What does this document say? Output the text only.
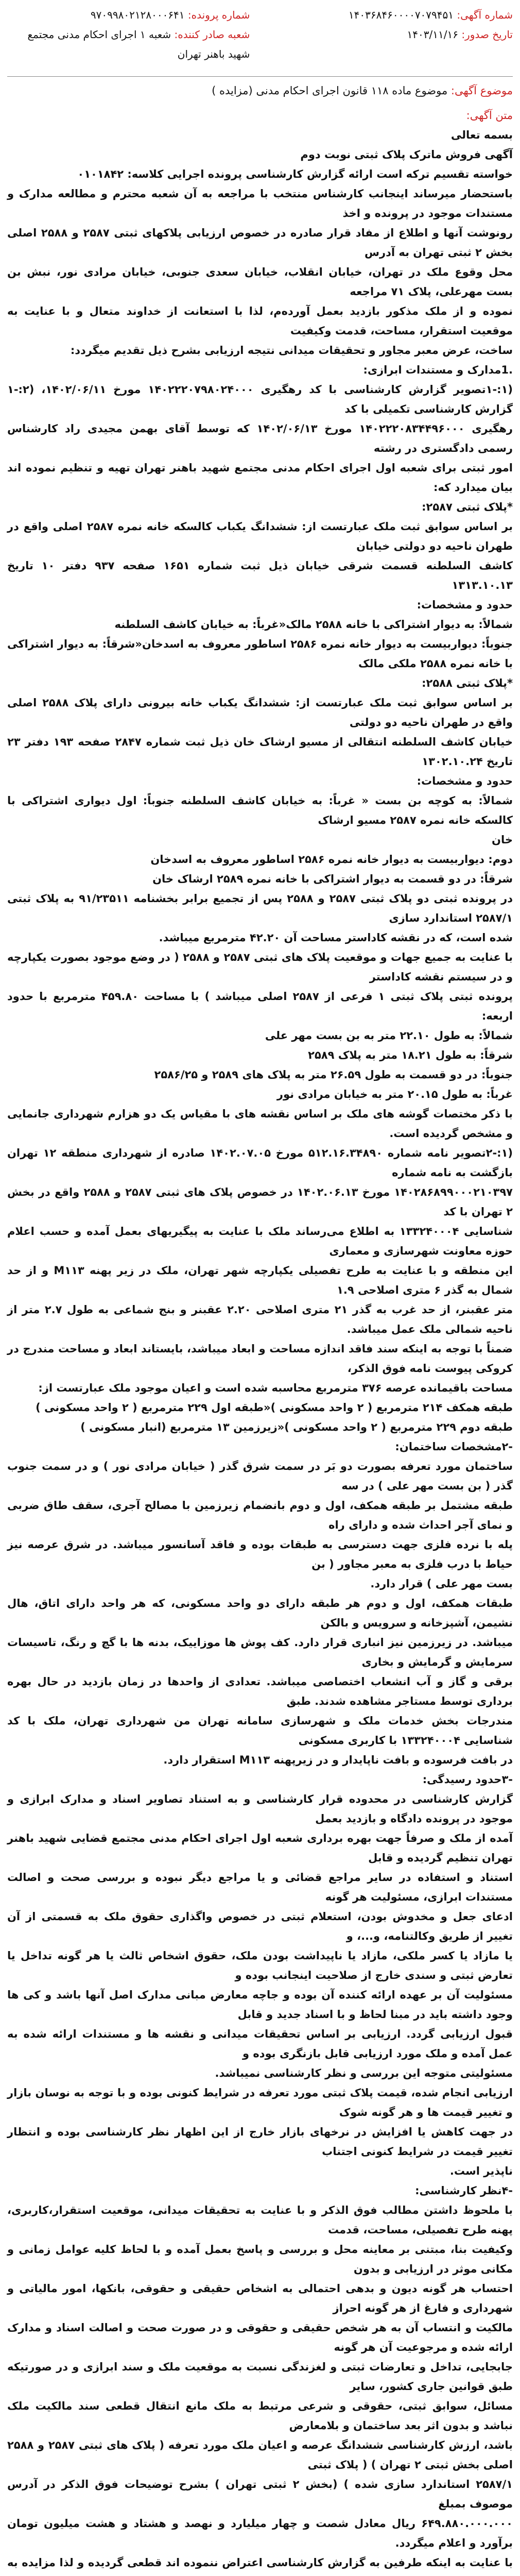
شماره آگهی: ۱۴۰۳۶۸۴۶۰۰۰۰۷۰۷۹۴۵۱
تاریخ صدور: ۱۴۰۳/۱۱/۱۶
شماره پرونده: ۹۷۰۹۹۸۰۲۱۲۸۰۰۰۶۴۱
شعبه صادر کننده: شعبه ۱ اجرای احکام مدنی مجتمع شهید باهنر تهران

موضوع آگهی: موضوع ماده ۱۱۸ قانون اجرای احکام مدنی (مزایده )

متن آگهی:

بسمه تعالی

آگهی فروش ماترک پلاک ثبتی نوبت دوم

خواسته تقسیم ترکه است ارائه گزارش کارشناسی پرونده اجرایی کلاسه: ۰۱۰۱۸۴۲

باستحضار میرساند اینجانب کارشناس منتخب با مراجعه به آن شعبه محترم و مطالعه مدارک و مستندات موجود در پرونده و اخذ

رونوشت آنها و اطلاع از مفاد قرار صادره در خصوص ارزیابی پلاکهای ثبتی ۲۵۸۷ و ۲۵۸۸ اصلی بخش ۲ ثبتی تهران به آدرس

محل وقوع ملک در تهران، خیابان انقلاب، خیابان سعدی جنوبی، خیابان مرادی نور، نبش بن بست مهرعلی، پلاک ۷۱ مراجعه

نموده و از ملک مذکور بازدید بعمل آورده‌م، لذا با استعانت از خداوند متعال و با عنایت به موقعیت استقرار، مساحت، قدمت وکیفیت

ساخت، عرض معبر مجاور و تحقیقات میدانی نتیجه ارزیابی بشرح ذیل تقدیم میگردد:

.1مدارک و مستندات ابرازی:

(۱:-۱تصویر گزارش کارشناسی با کد رهگیری ۱۴۰۲۲۲۰۷۹۸۰۲۴۰۰۰ مورخ ۱۴۰۲/۰۶/۱۱، (۲:-۱ گزارش کارشناسی تکمیلی با کد

رهگیری ۱۴۰۲۲۲۰۸۳۴۴۹۶۰۰۰ مورخ ۱۴۰۲/۰۶/۱۳ که توسط آقای بهمن مجیدی راد کارشناس رسمی دادگستری در رشته

امور ثبتی برای شعبه اول اجرای احکام مدنی مجتمع شهید باهنر تهران تهیه و تنظیم نموده اند بیان میدارد که:

*پلاک ثبتی ۲۵۸۷:

بر اساس سوابق ثبت ملک عبارتست از: ششدانگ یکباب کالسکه خانه نمره ۲۵۸۷ اصلی واقع در طهران ناحیه دو دولتی خیابان

کاشف السلطنه قسمت شرقی خیابان ذیل ثبت شماره ۱۶۵۱ صفحه ۹۳۷ دفتر ۱۰ تاریخ ۱۳۱۳.۱۰.۱۳

حدود و مشخصات:

شمالاً: به دیوار اشتراکی با خانه ۲۵۸۸ مالک«غرباً: به خیابان کاشف السلطنه

جنوباً: دیواربیست به دیوار خانه نمره ۲۵۸۶ اساطور معروف به اسدخان«شرقاً: به دیوار اشتراکی با خانه نمره ۲۵۸۸ ملکی مالک

*پلاک ثبتی ۲۵۸۸:

بر اساس سوابق ثبت ملک عبارتست از: ششدانگ یکباب خانه بیرونی دارای پلاک ۲۵۸۸ اصلی واقع در طهران ناحیه دو دولتی

خیابان کاشف السلطنه انتقالی از مسیو ارشاک خان ذیل ثبت شماره ۲۸۴۷ صفحه ۱۹۳ دفتر ۲۳ تاریخ ۱۳۰۲.۱۰.۲۴

حدود و مشخصات:

شمالاً: به کوچه بن بست « غرباً: به خیابان کاشف السلطنه جنوباً: اول دیواری اشتراکی با کالسکه خانه نمره ۲۵۸۷ مسیو ارشاک

خان

دوم: دیواربیست به دیوار خانه نمره ۲۵۸۶ اساطور معروف به اسدخان

شرقاً: در دو قسمت به دیوار اشتراکی با خانه نمره ۲۵۸۹ ارشاک خان

در پرونده ثبتی دو پلاک ثبتی ۲۵۸۷ و ۲۵۸۸ پس از تجمیع برابر بخشنامه ۹۱/۲۳۵۱۱ به پلاک ثبتی ۲۵۸۷/۱ استاندارد سازی

شده است، که در نقشه کاداستر مساحت آن ۴۲.۲۰ مترمربع میباشد.

با عنایت به جمیع جهات و موقعیت پلاک های ثبتی ۲۵۸۷ و ۲۵۸۸ ( در وضع موجود بصورت یکپارچه و در سیستم نقشه کاداستر

پرونده ثبتی پلاک ثبتی ۱ فرعی از ۲۵۸۷ اصلی میباشد ) با مساحت ۴۵۹.۸۰ مترمربع با حدود اربعه:

شمالاً: به طول ۲۲.۱۰ متر به بن بست مهر علی

شرقاً: به طول ۱۸.۲۱ متر به پلاک ۲۵۸۹

جنوباً: در دو قسمت به طول ۲۶.۵۹ متر به پلاک های ۲۵۸۹ و ۲۵۸۶/۲۵

غرباً: به طول ۲۰.۱۵ متر به خیابان مرادی نور

با ذکر مختصات گوشه های ملک بر اساس نقشه های با مقیاس یک دو هزارم شهرداری جانمایی و مشخص گردیده است.

(۱:-۲تصویر نامه شماره ۵۱۲.۱۶.۳۴۸۹۰ مورخ ۱۴۰۲.۰۷.۰۵ صادره از شهرداری منطقه ۱۲ تهران بازگشت به نامه شماره

۱۴۰۲۸۶۸۹۹۰۰۰۲۱۰۳۹۷ مورخ ۱۴۰۲.۰۶.۱۳ در خصوص پلاک های ثبتی ۲۵۸۷ و ۲۵۸۸ واقع در بخش ۲ تهران با کد

شناسایی ۱۳۳۲۴۰۰۰۴ به اطلاع می‌رساند ملک با عنایت به پیگیریهای بعمل آمده و حسب اعلام حوزه معاونت شهرسازی و معماری

این منطقه و با عنایت به طرح تفصیلی یکپارچه شهر تهران، ملک در زیر پهنه M۱۱۳ و از حد شمال به گذر ۶ متری اصلاحی ۱.۹

متر عقبنر، از حد غرب به گذر ۲۱ متری اصلاحی ۲.۲۰ عقبنر و بنج شماعی به طول ۲.۷ متر از ناحیه شمالی ملک عمل میباشد.

ضمناً با توجه به اینکه سند فاقد اندازه مساحت و ابعاد میباشد، بایستاند ابعاد و مساحت مندرج در کروکی پیوست نامه فوق الذکر،

مساحت باقیمانده عرصه ۳۷۶ مترمربع محاسبه شده است و اعیان موجود ملک عبارتست از:

طبقه همکف ۲۱۴ مترمربع ( ۲ واحد مسکونی )«طبقه اول ۲۲۹ مترمربع ( ۲ واحد مسکونی )

طبقه دوم ۲۲۹ مترمربع ( ۲ واحد مسکونی )«زیرزمین ۱۳ مترمربع (انبار مسکونی )

-۲مشخصات ساختمان:

ساختمان مورد تعرفه بصورت دو بَر در سمت شرق گذر ( خیابان مرادی نور ) و در سمت جنوب گذر ( بن بست مهر علی ) در سه

طبقه مشتمل بر طبقه همکف، اول و دوم بانضمام زیرزمین با مصالح آجری، سقف طاق ضربی و نمای آجر احداث شده و دارای راه

پله با نرده فلزی جهت دسترسی به طبقات بوده و فاقد آسانسور میباشد. در شرق عرصه نیز حیاط با درب فلزی به معبر مجاور ( بن

بست مهر علی ) قرار دارد.

طبقات همکف، اول و دوم هر طبقه دارای دو واحد مسکونی، که هر واحد دارای اتاق، هال نشیمن، آشپزخانه و سرویس و بالکن

میباشد. در زیرزمین نیز انباری قرار دارد. کف پوش ها موزاییک، بدنه ها با گچ و رنگ، تاسیسات سرمایش و گرمایش و بخاری

برقی و گاز و آب انشعاب اختصاصی میباشد. تعدادی از واحدها در زمان بازدید در حال بهره برداری توسط مستاجر مشاهده شدند. طبق

مندرجات بخش خدمات ملک و شهرسازی سامانه تهران من شهرداری تهران، ملک با کد شناسایی ۱۳۳۲۴۰۰۰۴ با کاربری مسکونی

در بافت فرسوده و بافت ناپایدار و در زیرپهنه M۱۱۳ استقرار دارد.

-۳حدود رسیدگی:

گزارش کارشناسی در محدوده قرار کارشناسی و به استناد تصاویر اسناد و مدارک ابرازی و موجود در پرونده دادگاه و بازدید بعمل

آمده از ملک و صرفاً جهت بهره برداری شعبه اول اجرای احکام مدنی مجتمع قضایی شهید باهنر تهران تنظیم گردیده و قابل

استناد و استفاده در سایر مراجع قضائی و یا مراجع دیگر نبوده و بررسی صحت و اصالت مستندات ابرازی، مسئولیت هر گونه

ادعای جعل و مخدوش بودن، استعلام ثبتی در خصوص واگذاری حقوق ملک به قسمتی از آن تغییر از طریق وکالتنامه، و...، و

یا مازاد یا کسر ملکی، مازاد یا ناپیداشت بودن ملک، حقوق اشخاص ثالث یا هر گونه تداخل یا تعارض ثبتی و سندی خارج از صلاحیت اینجانب بوده و

مسئولیت آن بر عهده ارائه کننده آن بوده و جاچه معارض مبانی مدارک اصل آنها باشد و کی ها وجود داشته باید در مبنا لحاظ و با اسناد جدید و قابل

قبول ارزیابی گردد. ارزیابی بر اساس تحقیقات میدانی و نقشه ها و مستندات ارائه شده به عمل آمده و ملک مورد ارزیابی قابل بازنگری بوده و

مسئولیتی متوجه این بررسی و نظر کارشناسی نمیباشد.

ارزیابی انجام شده، قیمت پلاک ثبتی مورد تعرفه در شرایط کنونی بوده و با توجه به نوسان بازار و تغییر قیمت ها و هر گونه شوک

در جهت کاهش یا افزایش در نرخهای بازار خارج از این اظهار نظر کارشناسی بوده و انتظار تغییر قیمت در شرایط کنونی اجتناب

ناپذیر است.

-۴نظر کارشناسی:

با ملحوظ داشتن مطالب فوق الذکر و با عنایت به تحقیقات میدانی، موقعیت استقرار،کاربری، پهنه طرح تفصیلی، مساحت، قدمت

وکیفیت بنا، مبتنی بر معاینه محل و بررسی و پاسخ بعمل آمده و با لحاظ کلیه عوامل زمانی و مکانی موثر در ارزیابی و بدون

احتساب هر گونه دیون و بدهی احتمالی به اشخاص حقیقی و حقوقی، بانکها، امور مالیاتی و شهرداری و فارغ از هر گونه احراز

مالکیت و انتساب آن به هر شخص حقیقی و حقوقی و در صورت صحت و اصالت اسناد و مدارک ارائه شده و مرجوعیت آن هر گونه

جابجایی، تداخل و تعارضات ثبتی و لغزندگی نسبت به موقعیت ملک و سند ابرازی و در صورتیکه طبق قوانین جاری کشور، سایر

مسائل، سوابق ثبتی، حقوقی و شرعی مرتبط به ملک مانع انتقال قطعی سند مالکیت ملک نباشد و بدون اثر بعد ساختمان و بلامعارض

باشد، ارزش کارشناسی ششدانگ عرصه و اعیان ملک مورد تعرفه ( پلاک های ثبتی ۲۵۸۷ و ۲۵۸۸ اصلی بخش ثبتی ۲ تهران ) ( پلاک ثبتی

۲۵۸۷/۱ استاندارد سازی شده ) (بخش ۲ ثبتی تهران ) بشرح توضیحات فوق الذکر در آدرس موصوف بمبلغ

۶۴۹.۸۸۰.۰۰۰.۰۰۰ ریال معادل شصت و چهار میلیارد و نهصد و هشتاد و هشت میلیون تومان برآورد و اعلام میگردد.

با عنایت به اینکه طرفین به گزارش کارشناسی اعتراض ننموده اند قطعی گردیده و لذا مزایده به
